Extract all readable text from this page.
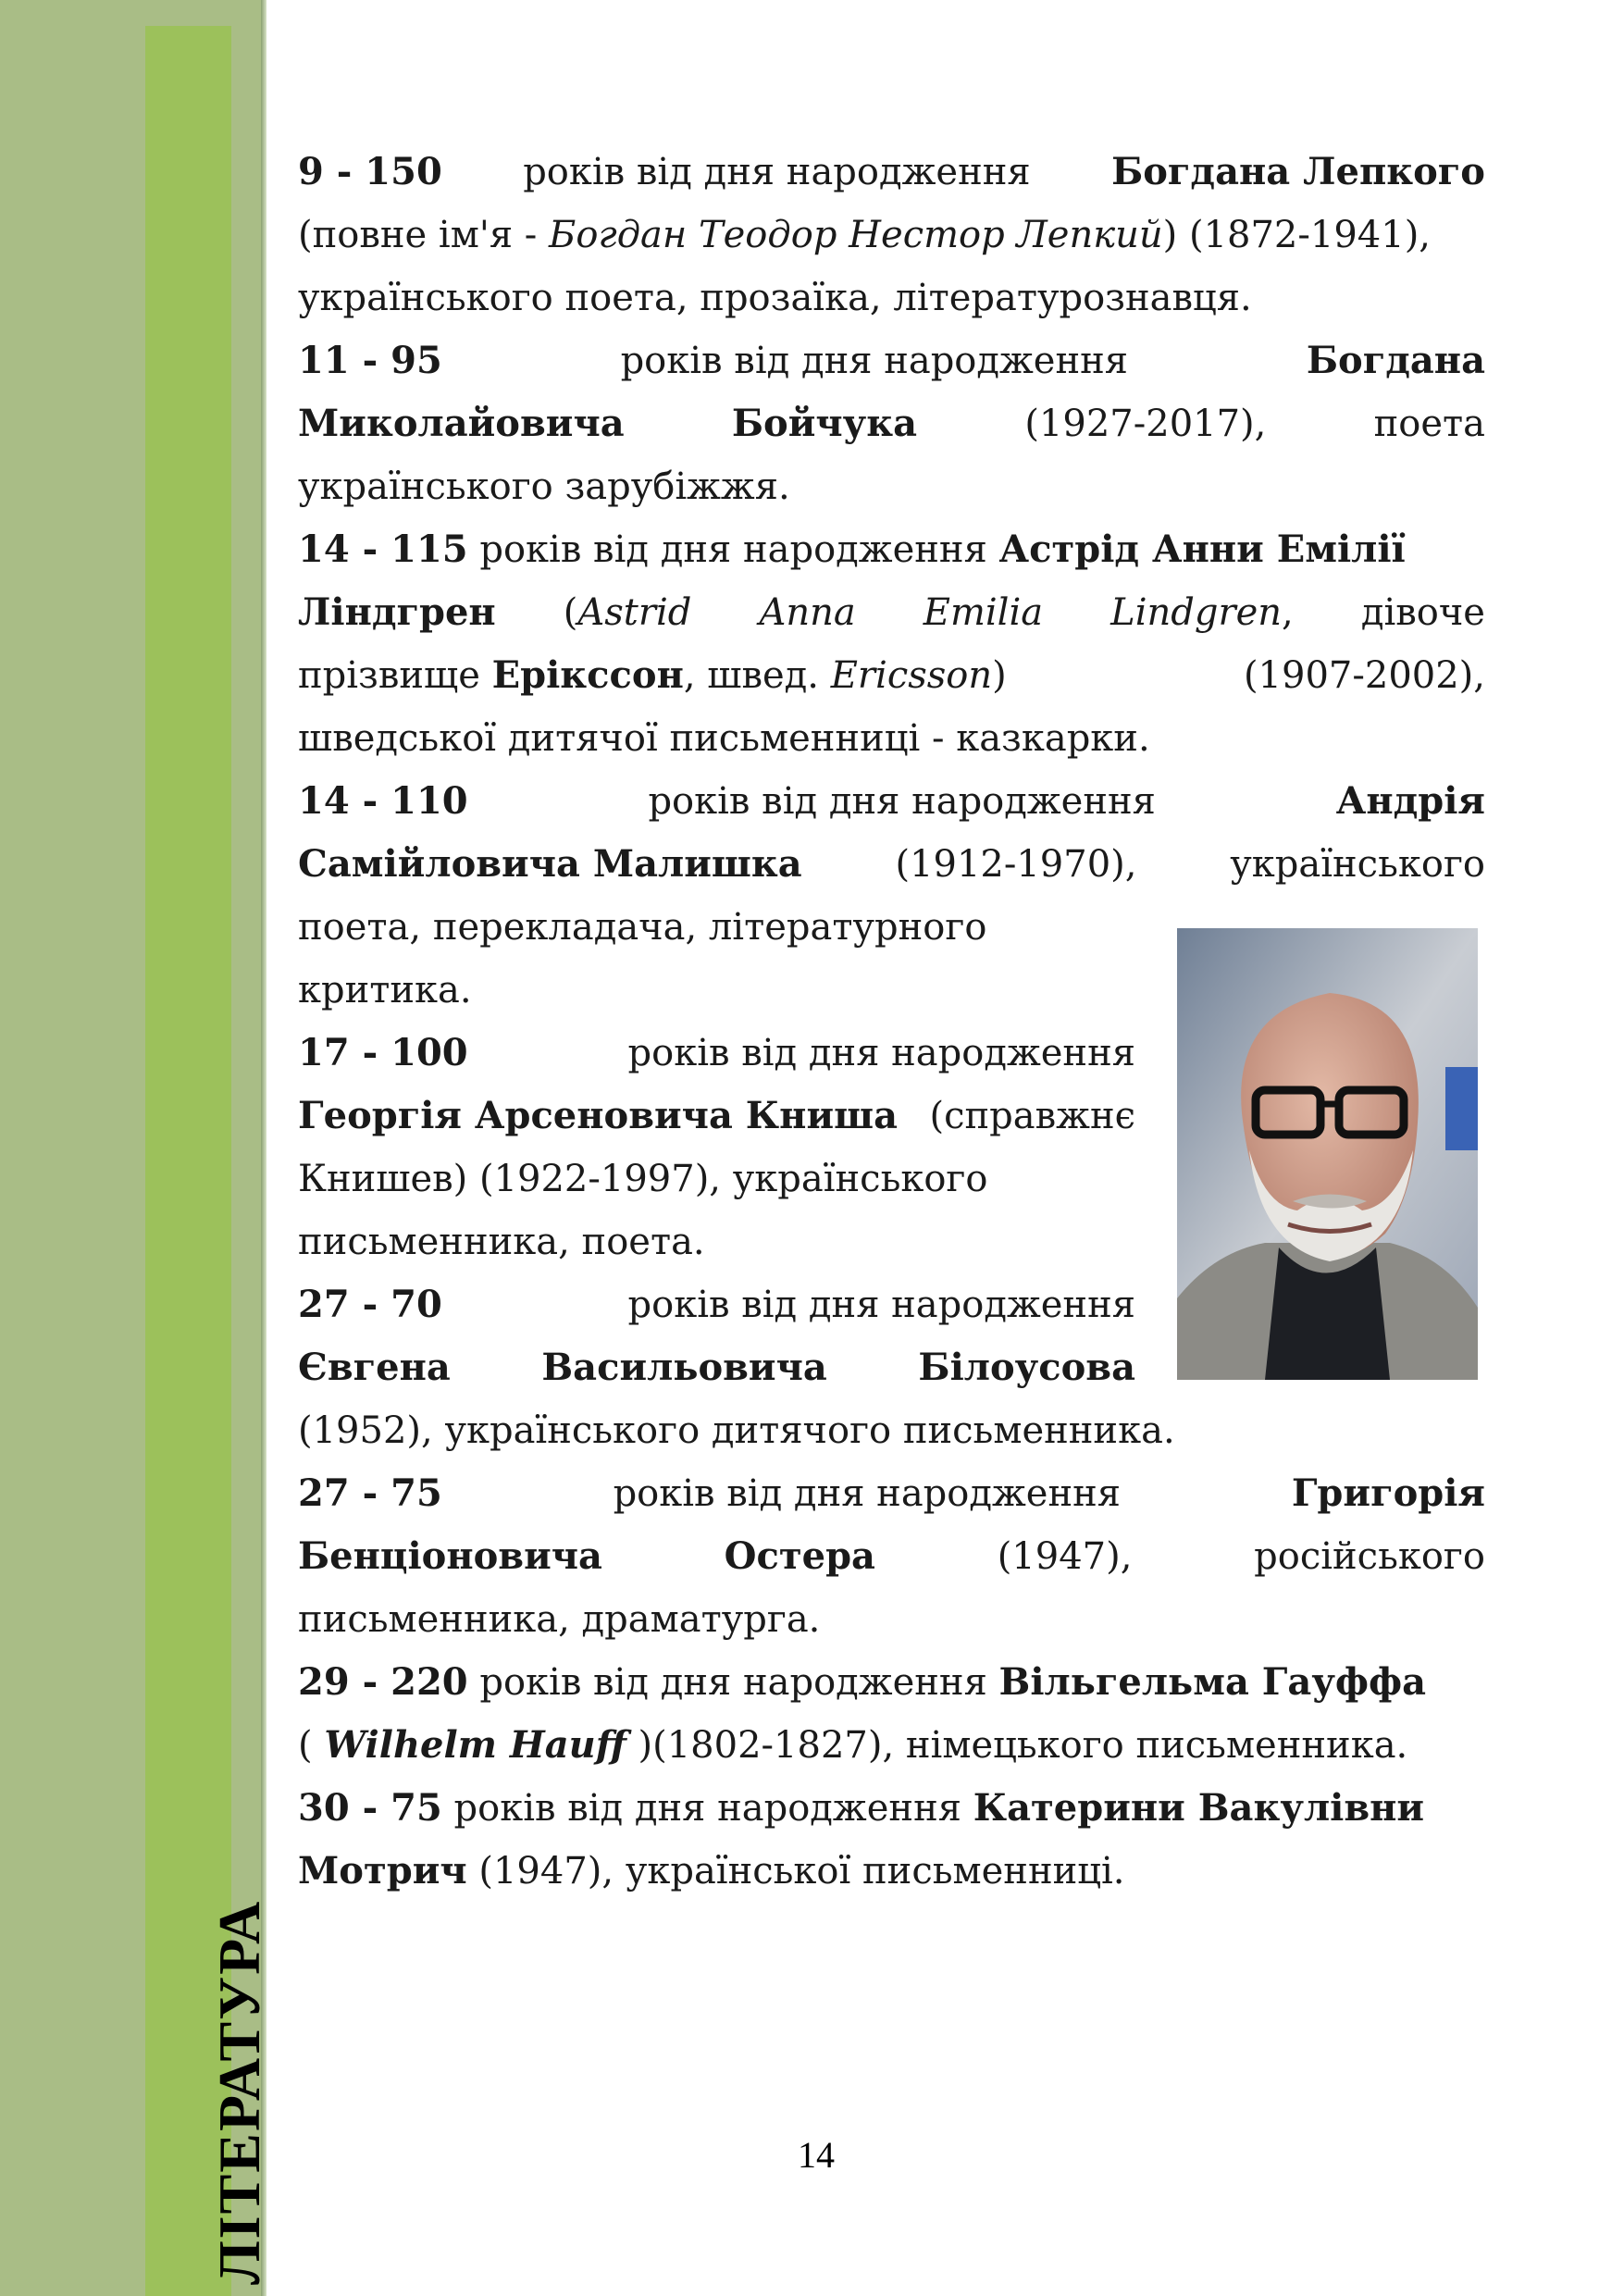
ЛІТЕРАТУРА
9 - 150 років від дня народження Богдана Лепкого
(повне ім'я - Богдан Теодор Нестор Лепкий) (1872-1941),
українського поета, прозаїка, літературознавця.
11 - 95	років від дня народження	Богдана
Миколайовича	Бойчука	(1927-2017),	поета
українського зарубіжжя.
14 - 115 років від дня народження Астрід Анни Емілії
Ліндгрен (Astrid Anna Emilia Lindgren, дівоче
прізвище Ерікссон, швед. Ericsson)	(1907-2002),
шведської дитячої письменниці - казкарки.
14 - 110	років від дня народження	Андрія
Самійловича Малишка	(1912-1970),	українського
поета, перекладача, літературного
критика.
17 - 100	років від дня народження
Георгія Арсеновича Книша (справжнє
Книшев) (1922-1997), українського
письменника, поета.
27 - 70	років від дня народження
Євгена Васильовича Білоусова
(1952), українського дитячого письменника.
27 - 75	років від дня народження	Григорія
Бенціоновича	Остера	(1947),	російського
письменника, драматурга.
29 - 220 років від дня народження Вільгельма Гауффа
( Wilhelm Hauff )(1802-1827), німецького письменника.
30 - 75 років від дня народження Катерини Вакулівни
Мотрич (1947), української письменниці.
14
